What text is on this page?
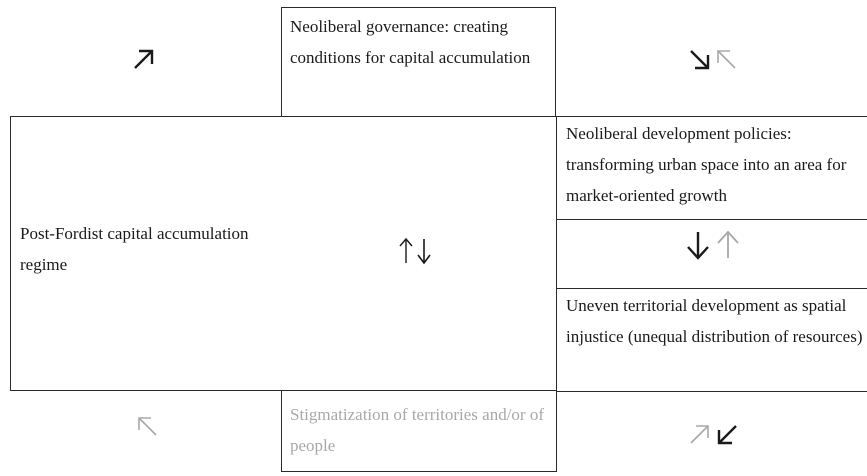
Neoliberal governance: creating conditions for capital accumulation
Post-Fordist capital accumulation regime
Neoliberal development policies: transforming urban space into an area for market-oriented growth
Uneven territorial development as spatial injustice (unequal distribution of resources)
Stigmatization of territories and/or of people
